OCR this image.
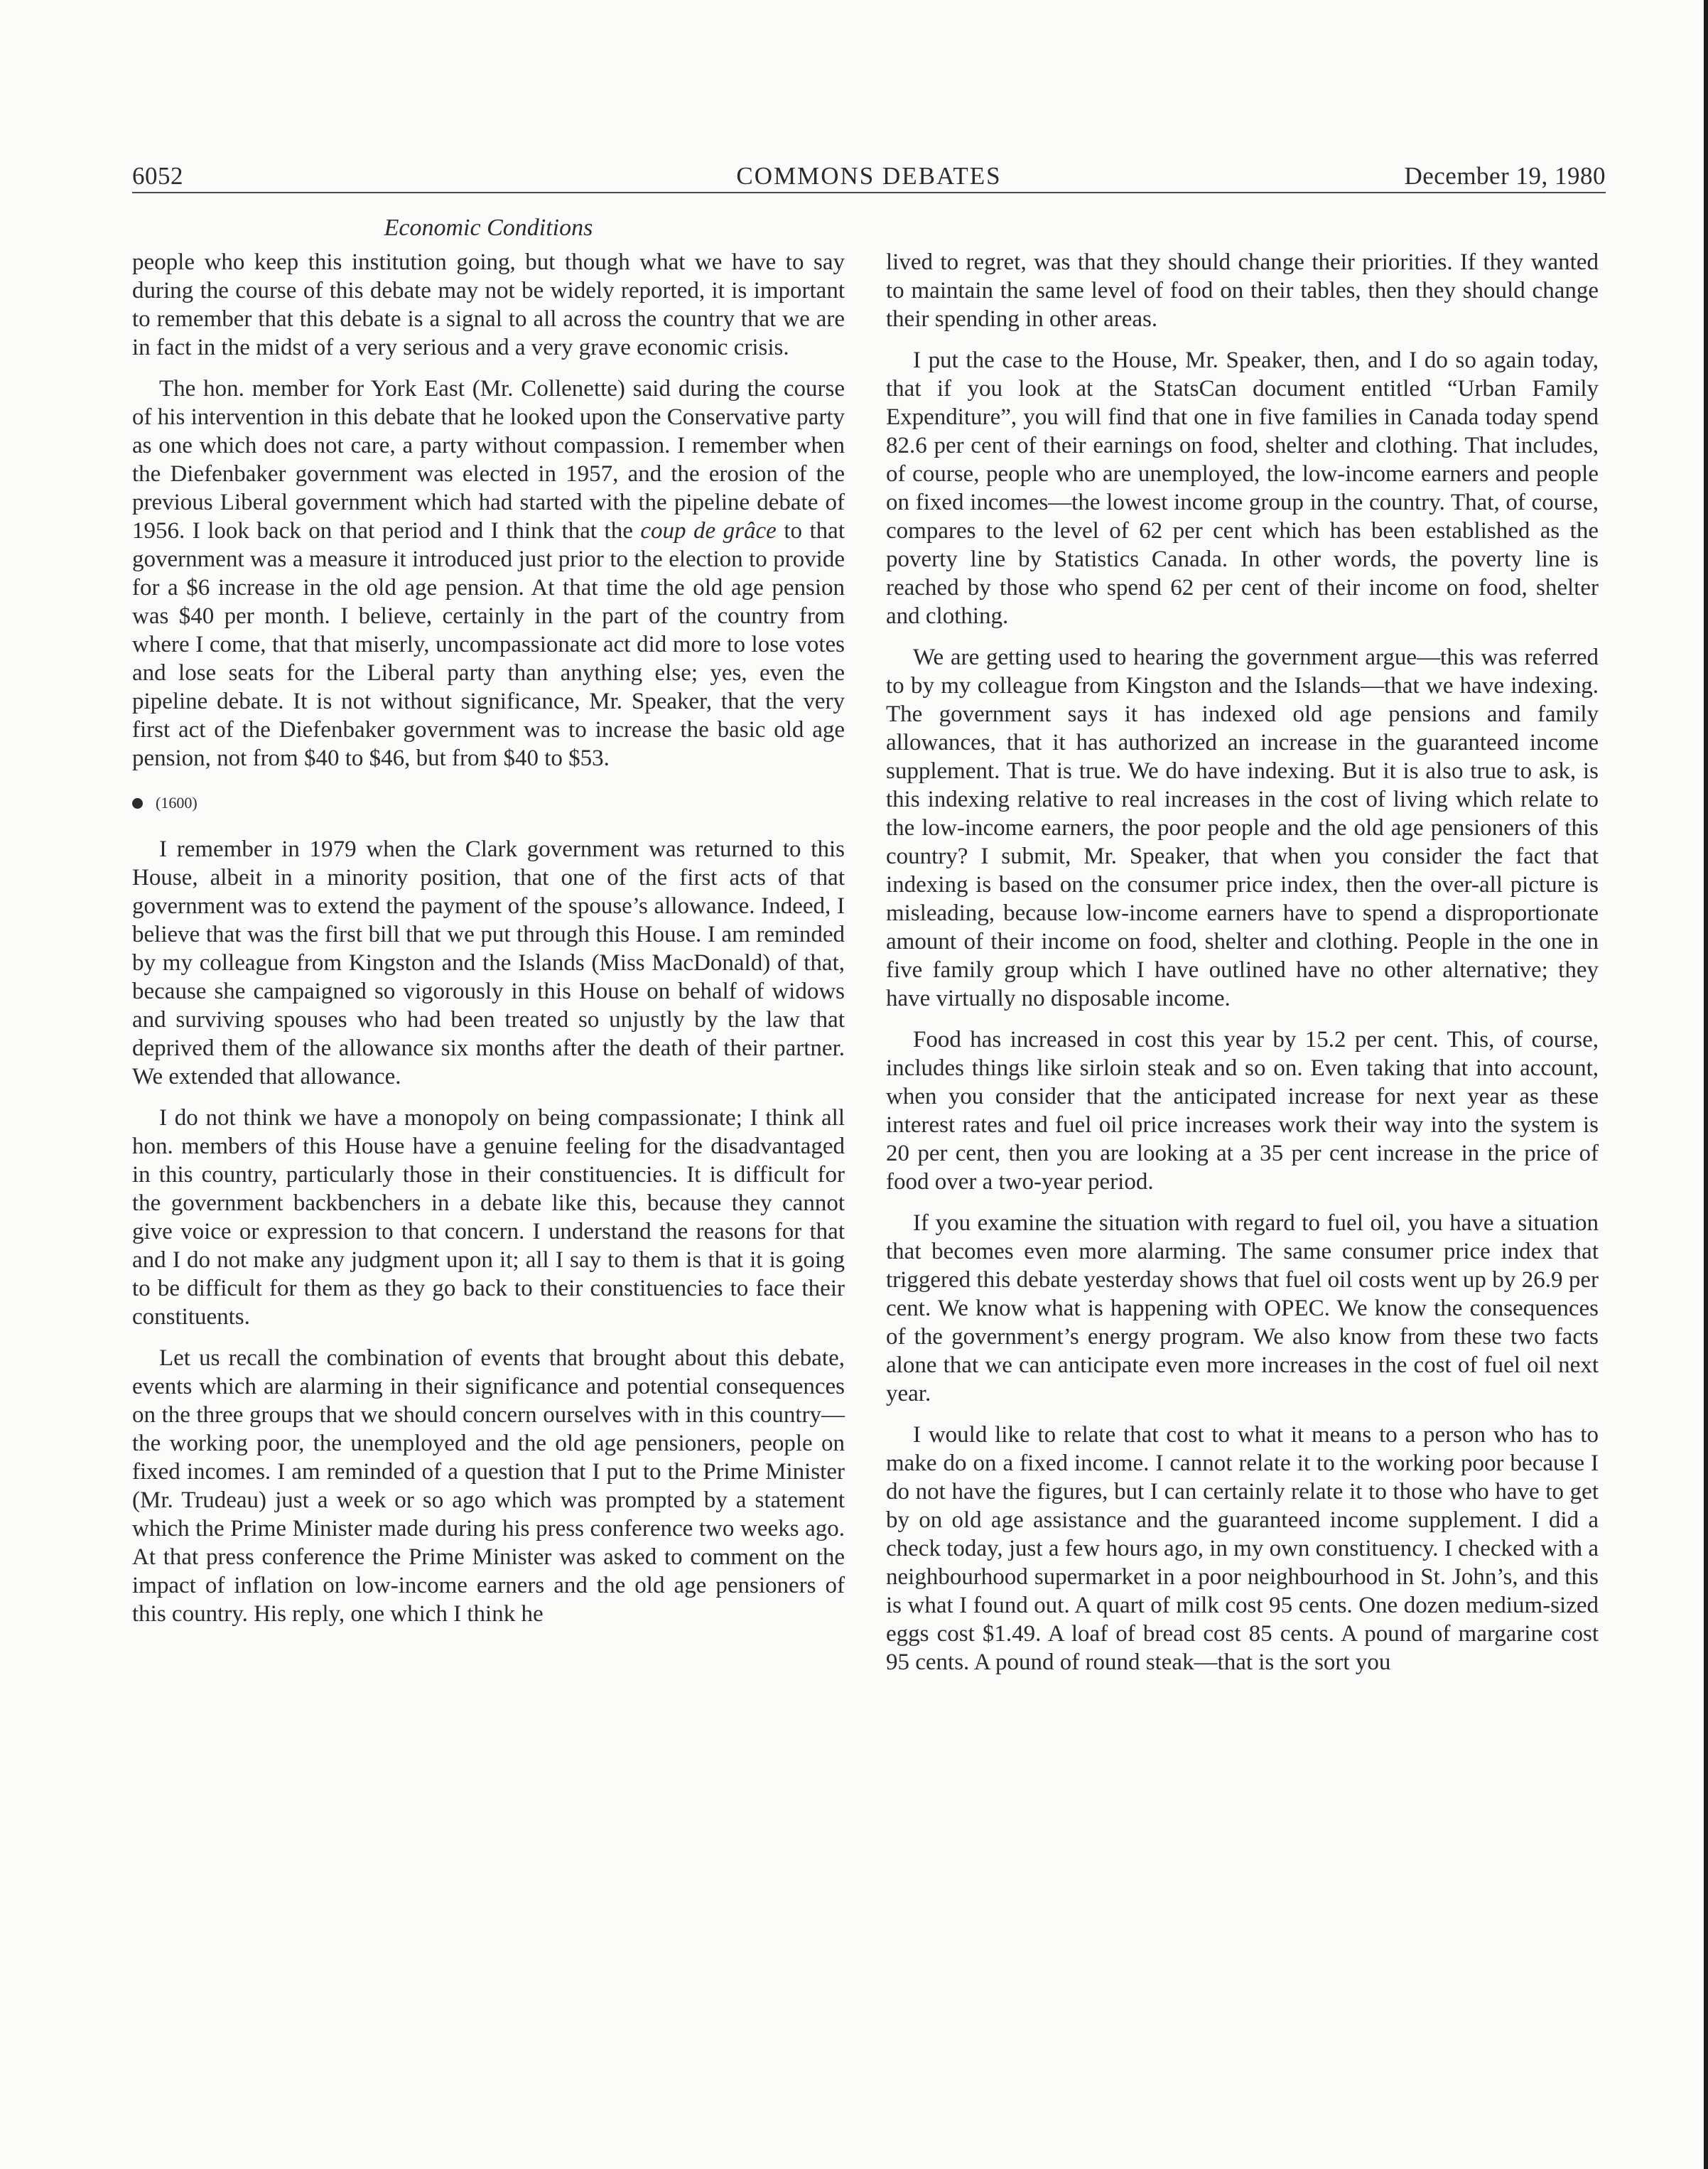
6052	COMMONS DEBATES	December 19, 1980
Economic Conditions

people who keep this institution going, but though what we have to say during the course of this debate may not be widely reported, it is important to remember that this debate is a signal to all across the country that we are in fact in the midst of a very serious and a very grave economic crisis.

The hon. member for York East (Mr. Collenette) said during the course of his intervention in this debate that he looked upon the Conservative party as one which does not care, a party without compassion. I remember when the Diefenbaker government was elected in 1957, and the erosion of the previous Liberal government which had started with the pipeline debate of 1956. I look back on that period and I think that the coup de grâce to that government was a measure it introduced just prior to the election to provide for a $6 increase in the old age pension. At that time the old age pension was $40 per month. I believe, certainly in the part of the country from where I come, that that miserly, uncompassionate act did more to lose votes and lose seats for the Liberal party than anything else; yes, even the pipeline debate. It is not without significance, Mr. Speaker, that the very first act of the Diefenbaker government was to increase the basic old age pension, not from $40 to $46, but from $40 to $53.

(1600)

I remember in 1979 when the Clark government was returned to this House, albeit in a minority position, that one of the first acts of that government was to extend the payment of the spouse’s allowance. Indeed, I believe that was the first bill that we put through this House. I am reminded by my colleague from Kingston and the Islands (Miss MacDonald) of that, because she campaigned so vigorously in this House on behalf of widows and surviving spouses who had been treated so unjustly by the law that deprived them of the allowance six months after the death of their partner. We extended that allowance.

I do not think we have a monopoly on being compassionate; I think all hon. members of this House have a genuine feeling for the disadvantaged in this country, particularly those in their constituencies. It is difficult for the government backbenchers in a debate like this, because they cannot give voice or expression to that concern. I understand the reasons for that and I do not make any judgment upon it; all I say to them is that it is going to be difficult for them as they go back to their constituencies to face their constituents.

Let us recall the combination of events that brought about this debate, events which are alarming in their significance and potential consequences on the three groups that we should concern ourselves with in this country—the working poor, the unemployed and the old age pensioners, people on fixed incomes. I am reminded of a question that I put to the Prime Minister (Mr. Trudeau) just a week or so ago which was prompted by a statement which the Prime Minister made during his press conference two weeks ago. At that press conference the Prime Minister was asked to comment on the impact of inflation on low-income earners and the old age pensioners of this country. His reply, one which I think he

lived to regret, was that they should change their priorities. If they wanted to maintain the same level of food on their tables, then they should change their spending in other areas.

I put the case to the House, Mr. Speaker, then, and I do so again today, that if you look at the StatsCan document entitled “Urban Family Expenditure”, you will find that one in five families in Canada today spend 82.6 per cent of their earnings on food, shelter and clothing. That includes, of course, people who are unemployed, the low-income earners and people on fixed incomes—the lowest income group in the country. That, of course, compares to the level of 62 per cent which has been established as the poverty line by Statistics Canada. In other words, the poverty line is reached by those who spend 62 per cent of their income on food, shelter and clothing.

We are getting used to hearing the government argue—this was referred to by my colleague from Kingston and the Islands—that we have indexing. The government says it has indexed old age pensions and family allowances, that it has authorized an increase in the guaranteed income supplement. That is true. We do have indexing. But it is also true to ask, is this indexing relative to real increases in the cost of living which relate to the low-income earners, the poor people and the old age pensioners of this country? I submit, Mr. Speaker, that when you consider the fact that indexing is based on the consumer price index, then the over-all picture is misleading, because low-income earners have to spend a disproportionate amount of their income on food, shelter and clothing. People in the one in five family group which I have outlined have no other alternative; they have virtually no disposable income.

Food has increased in cost this year by 15.2 per cent. This, of course, includes things like sirloin steak and so on. Even taking that into account, when you consider that the anticipated increase for next year as these interest rates and fuel oil price increases work their way into the system is 20 per cent, then you are looking at a 35 per cent increase in the price of food over a two-year period.

If you examine the situation with regard to fuel oil, you have a situation that becomes even more alarming. The same consumer price index that triggered this debate yesterday shows that fuel oil costs went up by 26.9 per cent. We know what is happening with OPEC. We know the consequences of the government’s energy program. We also know from these two facts alone that we can anticipate even more increases in the cost of fuel oil next year.

I would like to relate that cost to what it means to a person who has to make do on a fixed income. I cannot relate it to the working poor because I do not have the figures, but I can certainly relate it to those who have to get by on old age assistance and the guaranteed income supplement. I did a check today, just a few hours ago, in my own constituency. I checked with a neighbourhood supermarket in a poor neighbourhood in St. John’s, and this is what I found out. A quart of milk cost 95 cents. One dozen medium-sized eggs cost $1.49. A loaf of bread cost 85 cents. A pound of margarine cost 95 cents. A pound of round steak—that is the sort you
